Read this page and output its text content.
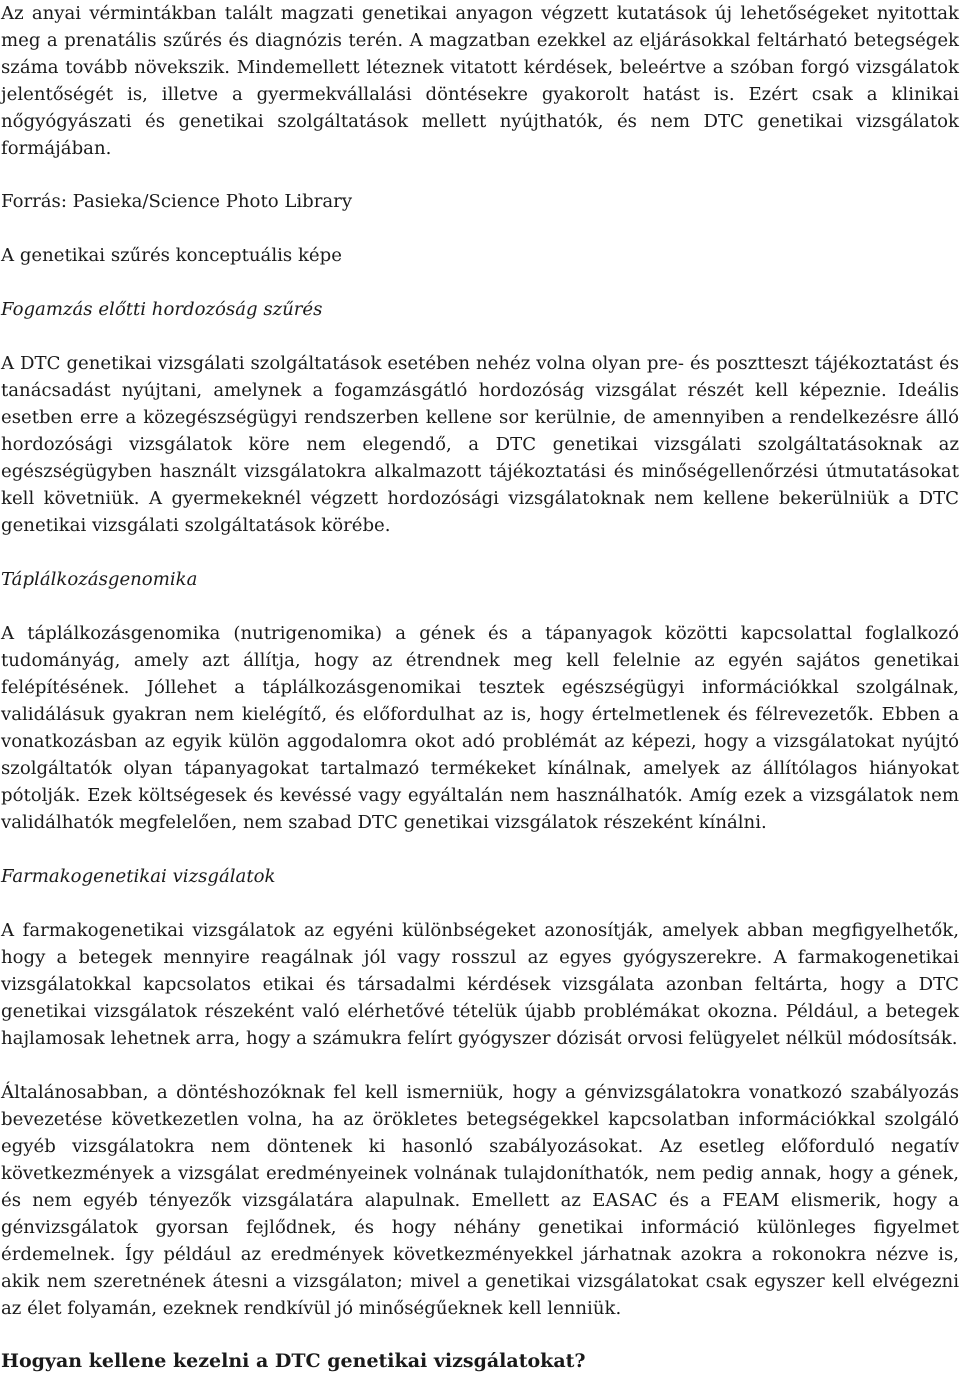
Az anyai vérmintákban talált magzati genetikai anyagon végzett kutatások új lehetőségeket nyitottak meg a prenatális szűrés és diagnózis terén. A magzatban ezekkel az eljárásokkal feltárható betegségek száma tovább növekszik. Mindemellett léteznek vitatott kérdések, beleértve a szóban forgó vizsgálatok jelentőségét is, illetve a gyermekvállalási döntésekre gyakorolt hatást is. Ezért csak a klinikai nőgyógyászati és genetikai szolgáltatások mellett nyújthatók, és nem DTC genetikai vizsgálatok formájában.

Forrás: Pasieka/Science Photo Library

A genetikai szűrés konceptuális képe

Fogamzás előtti hordozóság szűrés

A DTC genetikai vizsgálati szolgáltatások esetében nehéz volna olyan pre- és posztteszt tájékoztatást és tanácsadást nyújtani, amelynek a fogamzásgátló hordozóság vizsgálat részét kell képeznie. Ideális esetben erre a közegészségügyi rendszerben kellene sor kerülnie, de amennyiben a rendelkezésre álló hordozósági vizsgálatok köre nem elegendő, a DTC genetikai vizsgálati szolgáltatásoknak az egészségügyben használt vizsgálatokra alkalmazott tájékoztatási és minőségellenőrzési útmutatásokat kell követniük. A gyermekeknél végzett hordozósági vizsgálatoknak nem kellene bekerülniük a DTC genetikai vizsgálati szolgáltatások körébe.

Táplálkozásgenomika

A táplálkozásgenomika (nutrigenomika) a gének és a tápanyagok közötti kapcsolattal foglalkozó tudományág, amely azt állítja, hogy az étrendnek meg kell felelnie az egyén sajátos genetikai felépítésének. Jóllehet a táplálkozásgenomikai tesztek egészségügyi információkkal szolgálnak, validálásuk gyakran nem kielégítő, és előfordulhat az is, hogy értelmetlenek és félrevezetők. Ebben a vonatkozásban az egyik külön aggodalomra okot adó problémát az képezi, hogy a vizsgálatokat nyújtó szolgáltatók olyan tápanyagokat tartalmazó termékeket kínálnak, amelyek az állítólagos hiányokat pótolják. Ezek költségesek és kevéssé vagy egyáltalán nem használhatók. Amíg ezek a vizsgálatok nem validálhatók megfelelően, nem szabad DTC genetikai vizsgálatok részeként kínálni.

Farmakogenetikai vizsgálatok

A farmakogenetikai vizsgálatok az egyéni különbségeket azonosítják, amelyek abban megfigyelhetők, hogy a betegek mennyire reagálnak jól vagy rosszul az egyes gyógyszerekre. A farmakogenetikai vizsgálatokkal kapcsolatos etikai és társadalmi kérdések vizsgálata azonban feltárta, hogy a DTC genetikai vizsgálatok részeként való elérhetővé tételük újabb problémákat okozna. Például, a betegek hajlamosak lehetnek arra, hogy a számukra felírt gyógyszer dózisát orvosi felügyelet nélkül módosítsák.

Általánosabban, a döntéshozóknak fel kell ismerniük, hogy a génvizsgálatokra vonatkozó szabályozás bevezetése következetlen volna, ha az örökletes betegségekkel kapcsolatban információkkal szolgáló egyéb vizsgálatokra nem döntenek ki hasonló szabályozásokat. Az esetleg előforduló negatív következmények a vizsgálat eredményeinek volnának tulajdoníthatók, nem pedig annak, hogy a gének, és nem egyéb tényezők vizsgálatára alapulnak. Emellett az EASAC és a FEAM elismerik, hogy a génvizsgálatok gyorsan fejlődnek, és hogy néhány genetikai információ különleges figyelmet érdemelnek. Így például az eredmények következményekkel járhatnak azokra a rokonokra nézve is, akik nem szeretnének átesni a vizsgálaton; mivel a genetikai vizsgálatokat csak egyszer kell elvégezni az élet folyamán, ezeknek rendkívül jó minőségűeknek kell lenniük.

Hogyan kellene kezelni a DTC genetikai vizsgálatokat?
